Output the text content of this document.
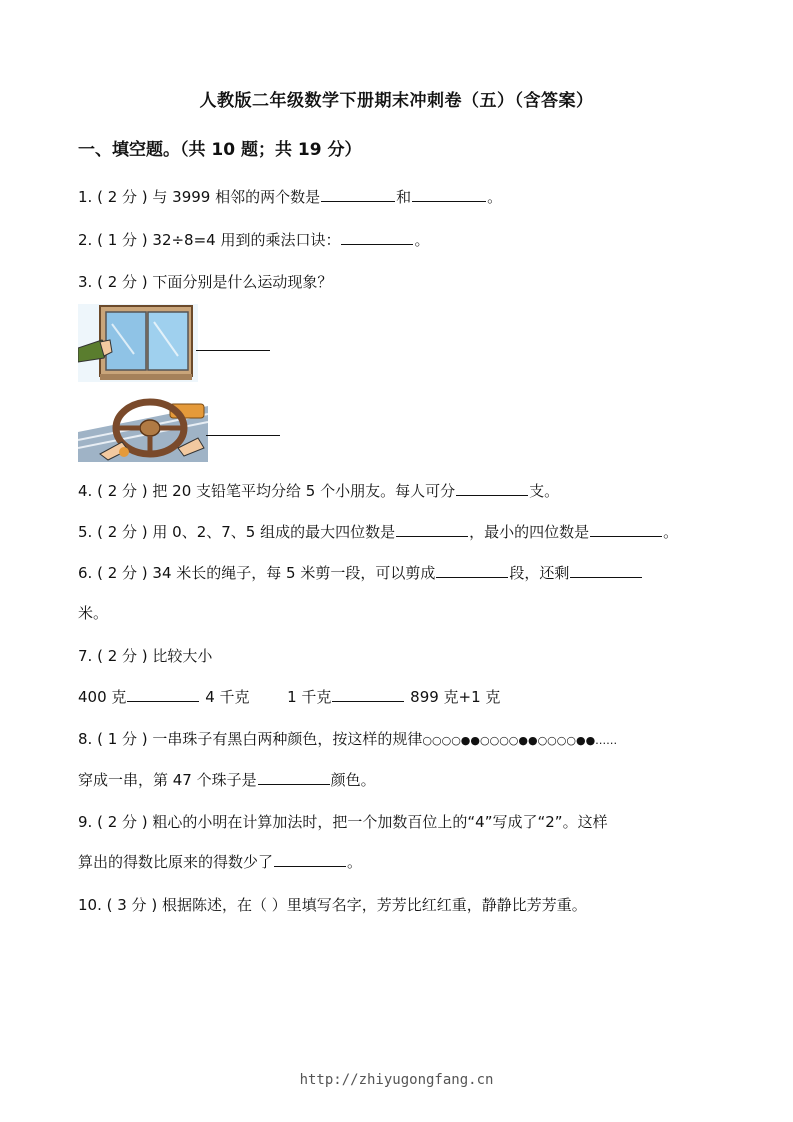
人教版二年级数学下册期末冲刺卷（五）（含答案）
一、填空题。（共 10 题；共 19 分）
1. ( 2 分 ) 与 3999 相邻的两个数是	和	。
2. ( 1 分 ) 32÷8=4 用到的乘法口诀：	。
3. ( 2 分 ) 下面分别是什么运动现象？
4. ( 2 分 ) 把 20 支铅笔平均分给 5 个小朋友。每人可分	支。
5. ( 2 分 ) 用 0、2、7、5 组成的最大四位数是	，最小的四位数是	。
6. ( 2 分 ) 34 米长的绳子，每 5 米剪一段，可以剪成	段，还剩
米。
7. ( 2 分 ) 比较大小
400 克	4 千克	1 千克	899 克+1 克
8. ( 1 分 ) 一串珠子有黑白两种颜色，按这样的规律○○○○●●○○○○●●○○○○●●……
穿成一串，第 47 个珠子是	颜色。
9. ( 2 分 ) 粗心的小明在计算加法时，把一个加数百位上的“4”写成了“2”。这样
算出的得数比原来的得数少了	。
10. ( 3 分 ) 根据陈述，在（ ）里填写名字，芳芳比红红重，静静比芳芳重。
http://zhiyugongfang.cn
